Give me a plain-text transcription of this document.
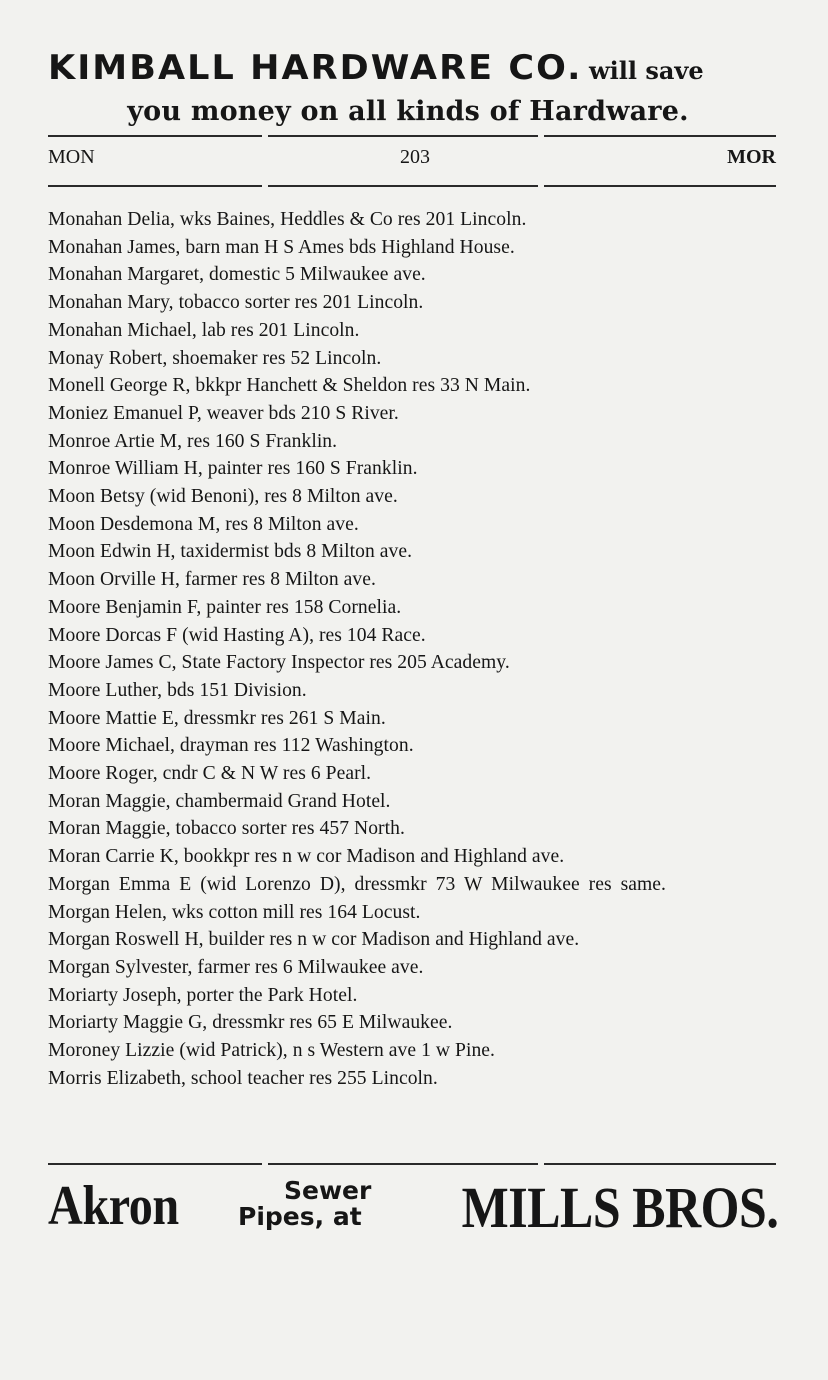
KIMBALL HARDWARE CO. will save
you money on all kinds of Hardware.
MON	203	MOR
Monahan Delia, wks Baines, Heddles & Co res 201 Lincoln.
Monahan James, barn man H S Ames bds Highland House.
Monahan Margaret, domestic 5 Milwaukee ave.
Monahan Mary, tobacco sorter res 201 Lincoln.
Monahan Michael, lab res 201 Lincoln.
Monay Robert, shoemaker res 52 Lincoln.
Monell George R, bkkpr Hanchett & Sheldon res 33 N Main.
Moniez Emanuel P, weaver bds 210 S River.
Monroe Artie M, res 160 S Franklin.
Monroe William H, painter res 160 S Franklin.
Moon Betsy (wid Benoni), res 8 Milton ave.
Moon Desdemona M, res 8 Milton ave.
Moon Edwin H, taxidermist bds 8 Milton ave.
Moon Orville H, farmer res 8 Milton ave.
Moore Benjamin F, painter res 158 Cornelia.
Moore Dorcas F (wid Hasting A), res 104 Race.
Moore James C, State Factory Inspector res 205 Academy.
Moore Luther, bds 151 Division.
Moore Mattie E, dressmkr res 261 S Main.
Moore Michael, drayman res 112 Washington.
Moore Roger, cndr C & N W res 6 Pearl.
Moran Maggie, chambermaid Grand Hotel.
Moran Maggie, tobacco sorter res 457 North.
Moran Carrie K, bookkpr res n w cor Madison and Highland ave.
Morgan Emma E (wid Lorenzo D), dressmkr 73 W Milwaukee res same.
Morgan Helen, wks cotton mill res 164 Locust.
Morgan Roswell H, builder res n w cor Madison and Highland ave.
Morgan Sylvester, farmer res 6 Milwaukee ave.
Moriarty Joseph, porter the Park Hotel.
Moriarty Maggie G, dressmkr res 65 E Milwaukee.
Moroney Lizzie (wid Patrick), n s Western ave 1 w Pine.
Morris Elizabeth, school teacher res 255 Lincoln.
Akron	Sewer
Pipes, at	MILLS BROS.
